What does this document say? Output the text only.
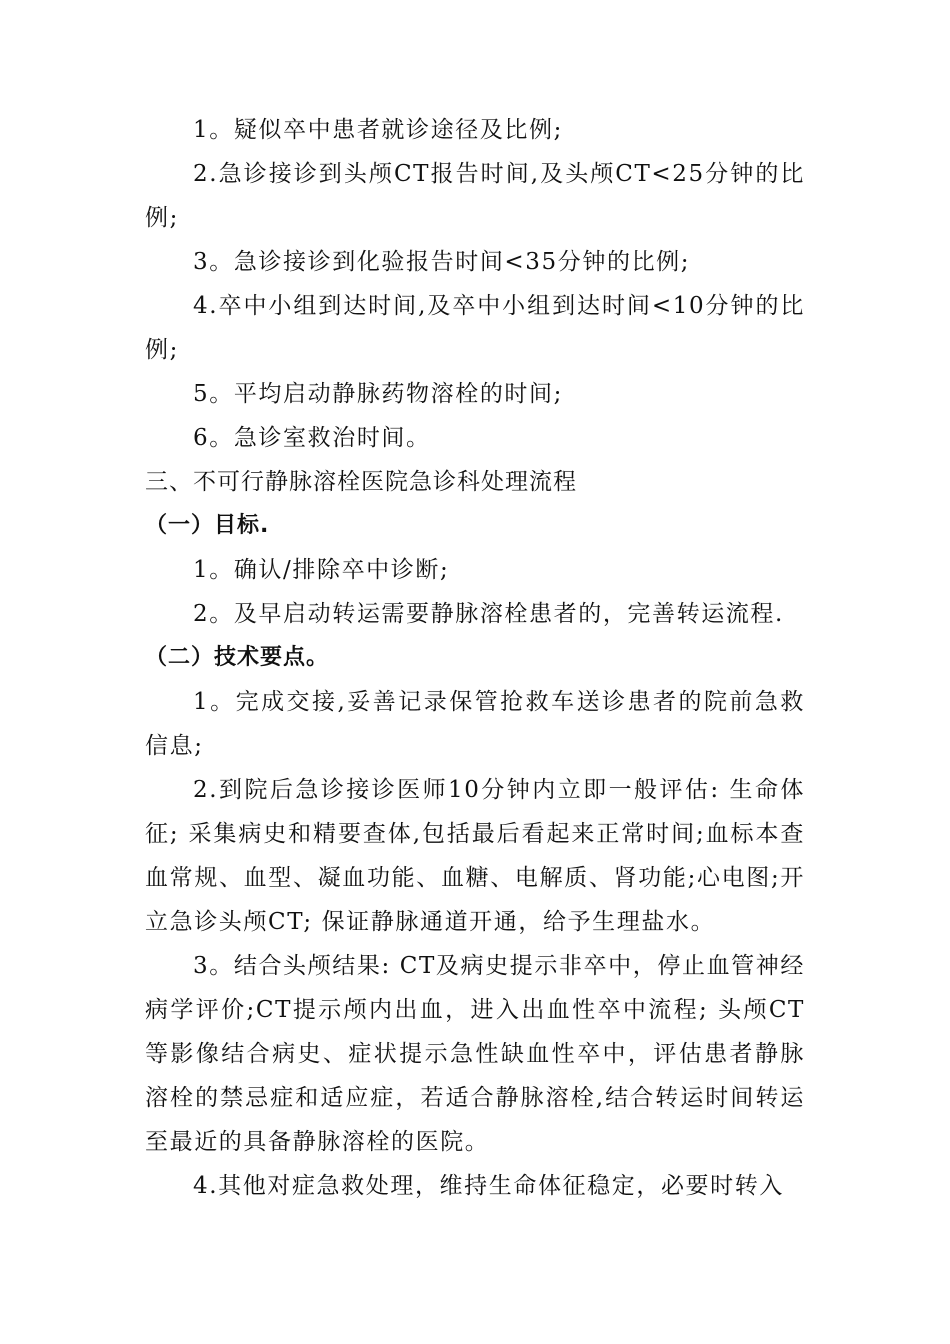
1。疑似卒中患者就诊途径及比例;

2.急诊接诊到头颅CT报告时间,及头颅CT<25分钟的比例;

3。急诊接诊到化验报告时间<35分钟的比例;

4.卒中小组到达时间,及卒中小组到达时间<10分钟的比例;

5。平均启动静脉药物溶栓的时间;

6。急诊室救治时间。

三、不可行静脉溶栓医院急诊科处理流程
（一）目标.

1。确认/排除卒中诊断;

2。及早启动转运需要静脉溶栓患者的，完善转运流程.

（二）技术要点。

1。完成交接,妥善记录保管抢救车送诊患者的院前急救信息;

2.到院后急诊接诊医师10分钟内立即一般评估: 生命体征; 采集病史和精要查体,包括最后看起来正常时间;血标本查血常规、血型、凝血功能、血糖、电解质、肾功能;心电图;开立急诊头颅CT; 保证静脉通道开通，给予生理盐水。

3。结合头颅结果: CT及病史提示非卒中，停止血管神经病学评价;CT提示颅内出血，进入出血性卒中流程; 头颅CT等影像结合病史、症状提示急性缺血性卒中，评估患者静脉溶栓的禁忌症和适应症，若适合静脉溶栓,结合转运时间转运至最近的具备静脉溶栓的医院。

4.其他对症急救处理，维持生命体征稳定，必要时转入
